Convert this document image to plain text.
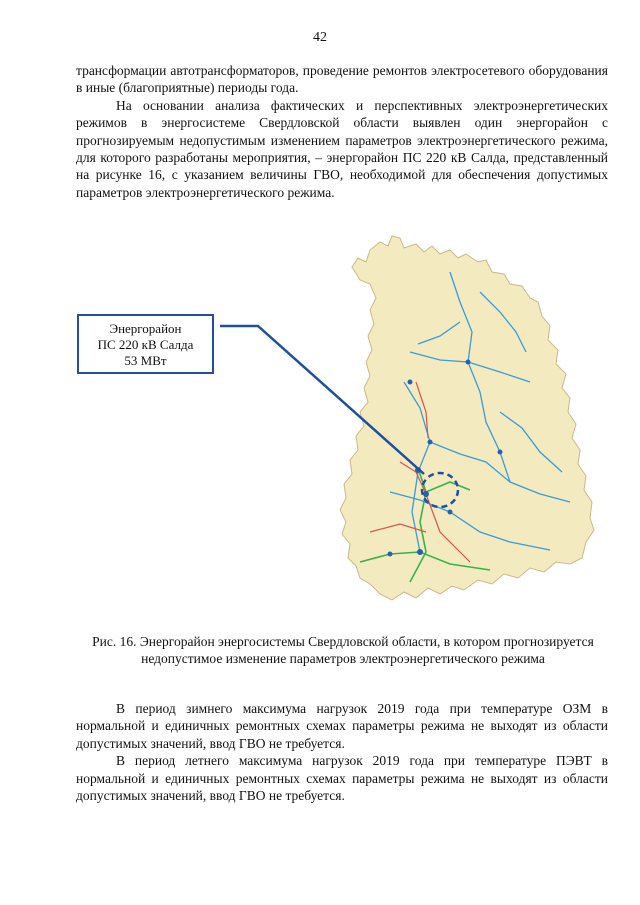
42

трансформации автотрансформаторов, проведение ремонтов электросетевого оборудования в иные (благоприятные) периоды года.

На основании анализа фактических и перспективных электроэнергетических режимов в энергосистеме Свердловской области выявлен один энергорайон с прогнозируемым недопустимым изменением параметров электроэнергетического режима, для которого разработаны мероприятия, – энергорайон ПС 220 кВ Салда, представленный на рисунке 16, с указанием величины ГВО, необходимой для обеспечения допустимых параметров электроэнергетического режима.

Энергорайон
ПС 220 кВ Салда
53 МВт
Рис. 16. Энергорайон энергосистемы Свердловской области, в котором прогнозируется недопустимое изменение параметров электроэнергетического режима

В период зимнего максимума нагрузок 2019 года при температуре ОЗМ в нормальной и единичных ремонтных схемах параметры режима не выходят из области допустимых значений, ввод ГВО не требуется.

В период летнего максимума нагрузок 2019 года при температуре ПЭВТ в нормальной и единичных ремонтных схемах параметры режима не выходят из области допустимых значений, ввод ГВО не требуется.
